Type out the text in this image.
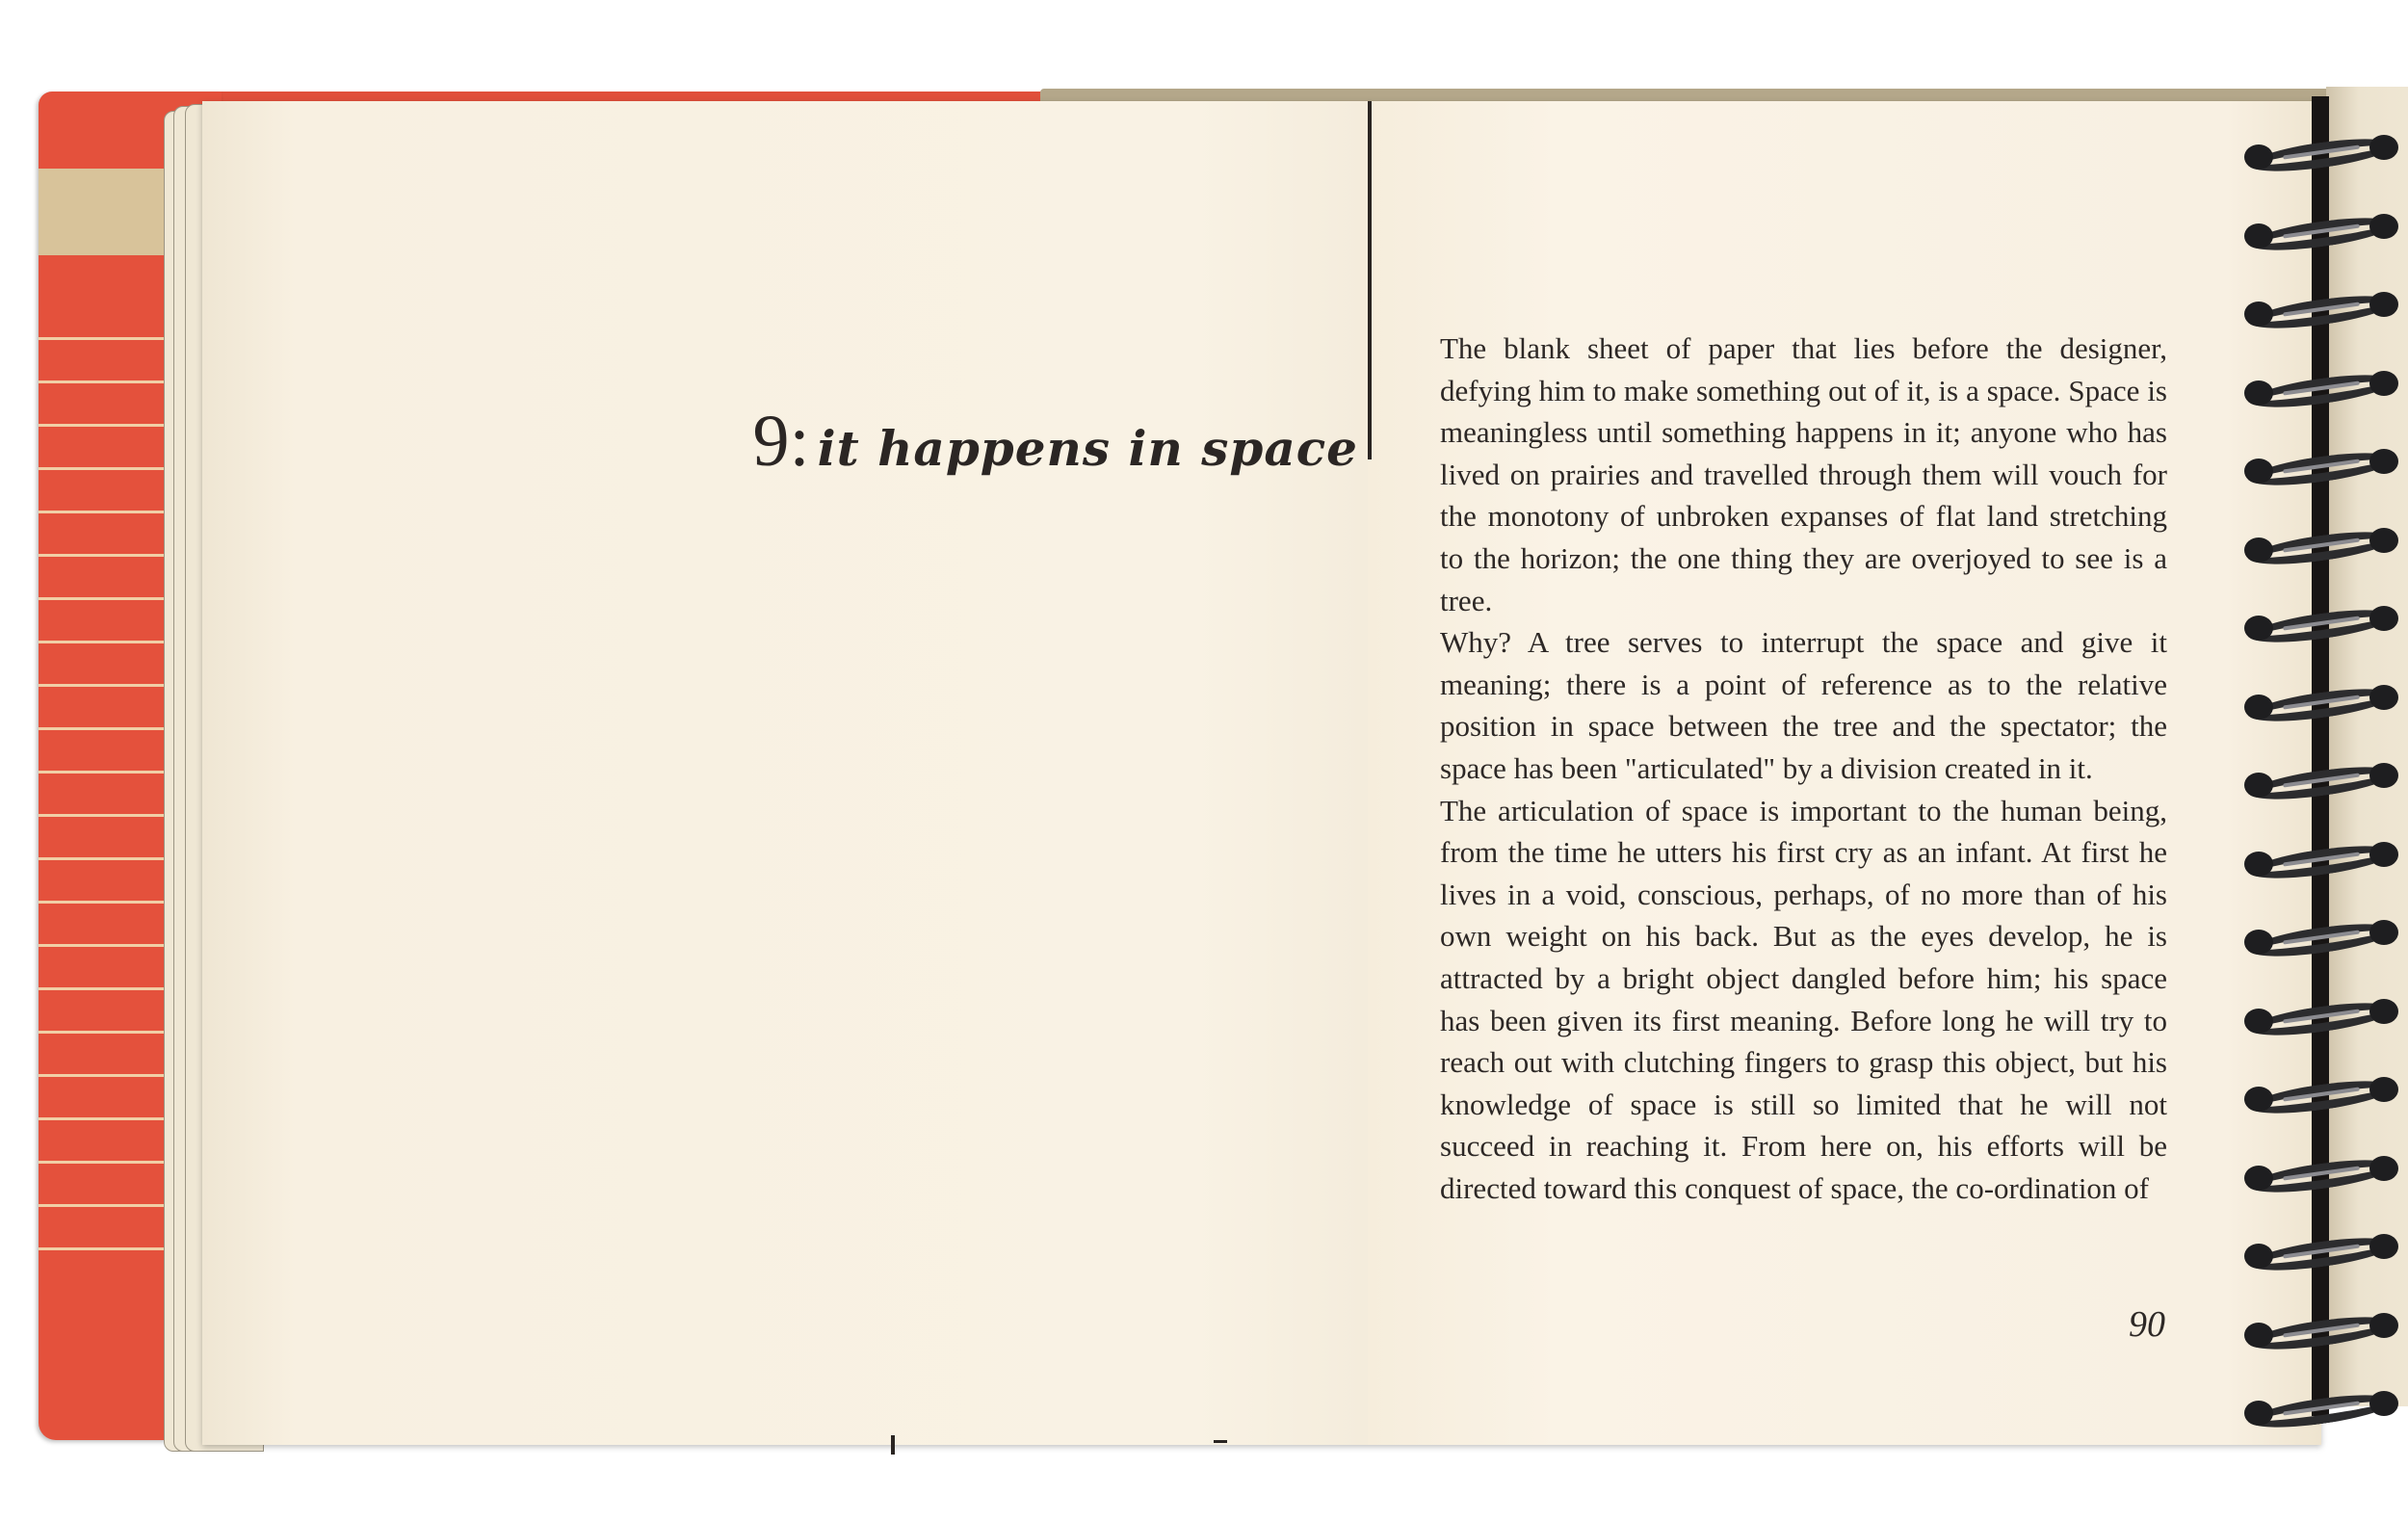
9: it happens in space

The blank sheet of paper that lies before the designer, defying him to make something out of it, is a space. Space is meaningless until something happens in it; anyone who has lived on prairies and travelled through them will vouch for the monotony of unbroken expanses of flat land stretching to the horizon; the one thing they are overjoyed to see is a tree.

Why? A tree serves to interrupt the space and give it meaning; there is a point of reference as to the relative position in space between the tree and the spectator; the space has been "articulated" by a division created in it.

The articulation of space is important to the human being, from the time he utters his first cry as an infant. At first he lives in a void, conscious, perhaps, of no more than of his own weight on his back. But as the eyes develop, he is attracted by a bright object dangled before him; his space has been given its first meaning. Before long he will try to reach out with clutching fingers to grasp this object, but his knowledge of space is still so limited that he will not succeed in reaching it. From here on, his efforts will be directed toward this conquest of space, the co-ordination of

90
